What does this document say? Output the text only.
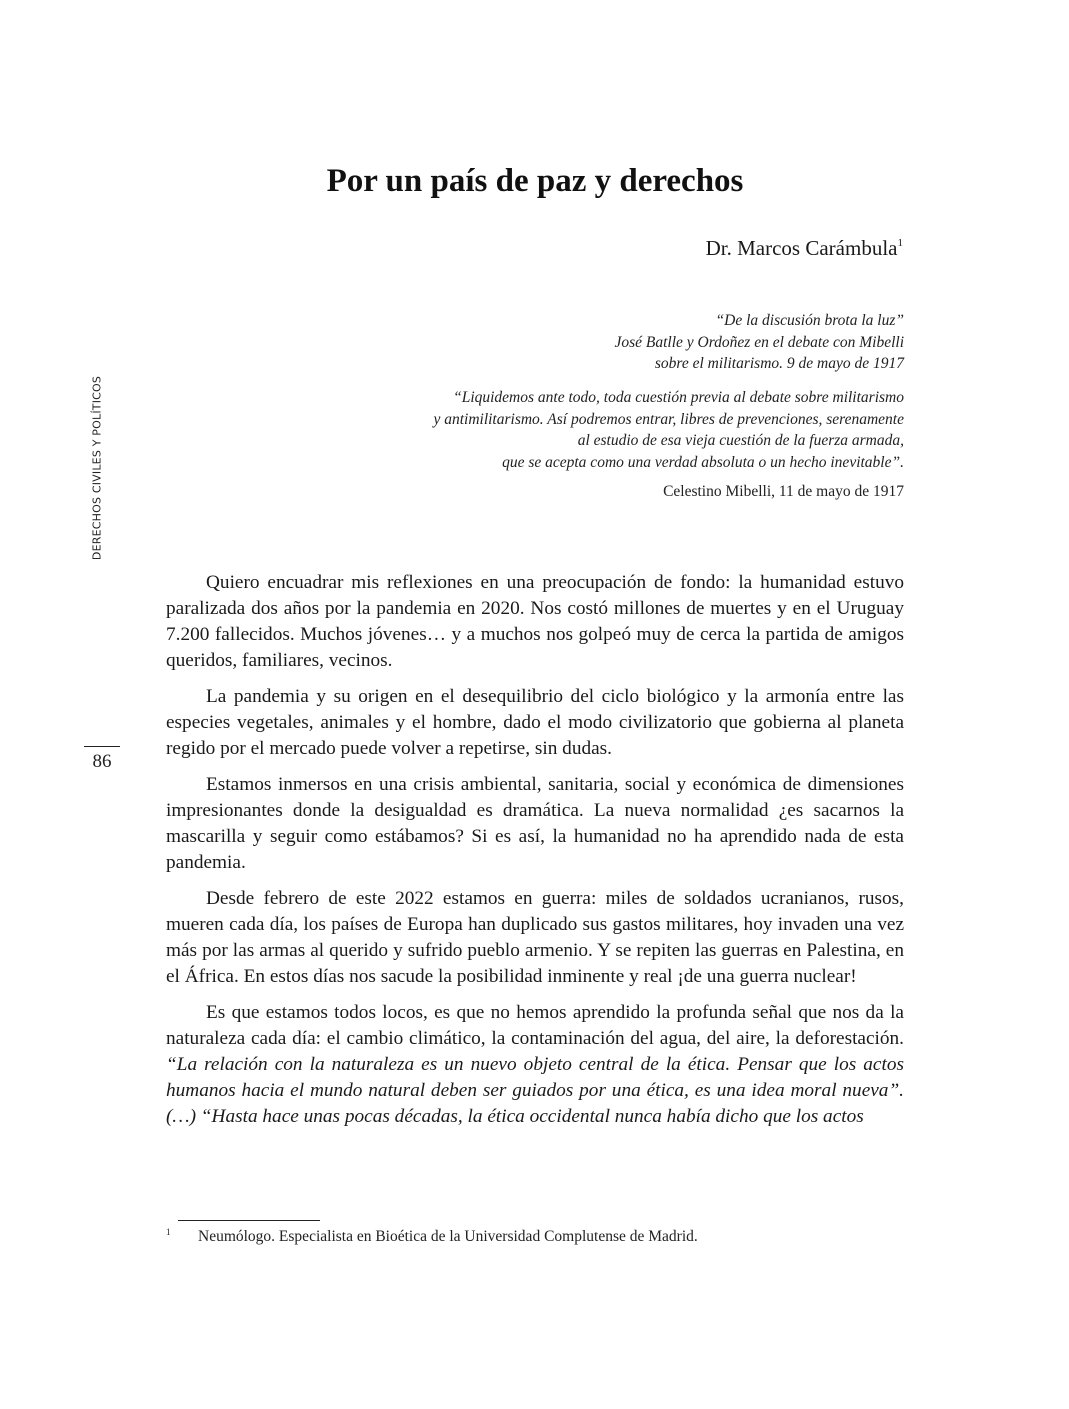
DERECHOS CIVILES Y POLÍTICOS
86
Por un país de paz y derechos
Dr. Marcos Carámbula$^1$
“De la discusión brota la luz”
José Batlle y Ordoñez en el debate con Mibelli
sobre el militarismo. 9 de mayo de 1917
“Liquidemos ante todo, toda cuestión previa al debate sobre militarismo
y antimilitarismo. Así podremos entrar, libres de prevenciones, serenamente
al estudio de esa vieja cuestión de la fuerza armada,
que se acepta como una verdad absoluta o un hecho inevitable”.
Celestino Mibelli, 11 de mayo de 1917

Quiero encuadrar mis reflexiones en una preocupación de fondo: la humanidad estuvo paralizada dos años por la pandemia en 2020. Nos costó millones de muertes y en el Uruguay 7.200 fallecidos. Muchos jóvenes… y a muchos nos golpeó muy de cerca la partida de amigos queridos, familiares, vecinos.

La pandemia y su origen en el desequilibrio del ciclo biológico y la armonía entre las especies vegetales, animales y el hombre, dado el modo civilizatorio que gobierna al planeta regido por el mercado puede volver a repetirse, sin dudas.

Estamos inmersos en una crisis ambiental, sanitaria, social y económica de dimensiones impresionantes donde la desigualdad es dramática. La nueva normalidad ¿es sacarnos la mascarilla y seguir como estábamos? Si es así, la humanidad no ha aprendido nada de esta pandemia.

Desde febrero de este 2022 estamos en guerra: miles de soldados ucranianos, rusos, mueren cada día, los países de Europa han duplicado sus gastos militares, hoy invaden una vez más por las armas al querido y sufrido pueblo armenio. Y se repiten las guerras en Palestina, en el África. En estos días nos sacude la posibilidad inminente y real ¡de una guerra nuclear!

Es que estamos todos locos, es que no hemos aprendido la profunda señal que nos da la naturaleza cada día: el cambio climático, la contaminación del agua, del aire, la deforestación. “La relación con la naturaleza es un nuevo objeto central de la ética. Pensar que los actos humanos hacia el mundo natural deben ser guiados por una ética, es una idea moral nueva”. (…) “Hasta hace unas pocas décadas, la ética occidental nunca había dicho que los actos

1 Neumólogo. Especialista en Bioética de la Universidad Complutense de Madrid.
